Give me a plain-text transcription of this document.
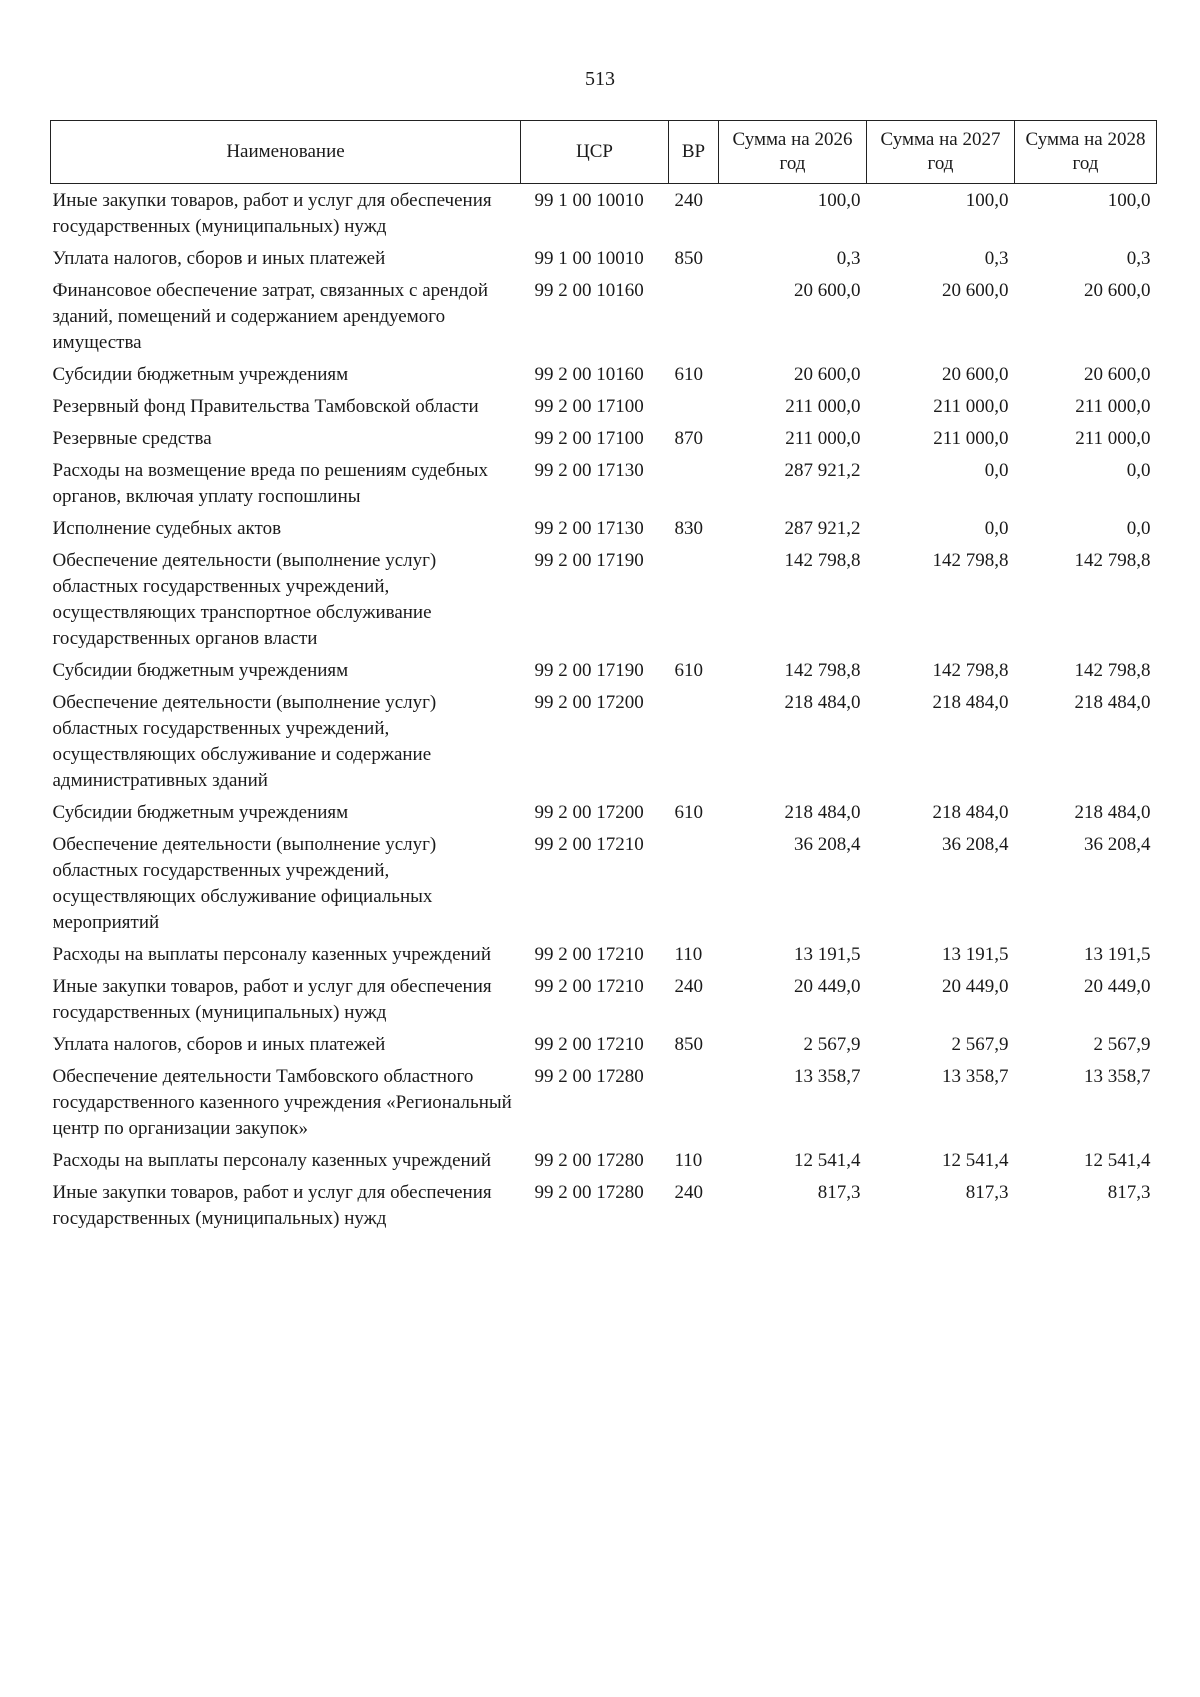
513
Наименование	ЦСР	ВР	Сумма на 2026 год	Сумма на 2027 год	Сумма на 2028 год
Иные закупки товаров, работ и услуг для обеспечения государственных (муниципальных) нужд	99 1 00 10010	240	100,0	100,0	100,0
Уплата налогов, сборов и иных платежей	99 1 00 10010	850	0,3	0,3	0,3
Финансовое обеспечение затрат, связанных с арендой зданий, помещений и содержанием арендуемого имущества	99 2 00 10160		20 600,0	20 600,0	20 600,0
Субсидии бюджетным учреждениям	99 2 00 10160	610	20 600,0	20 600,0	20 600,0
Резервный фонд Правительства Тамбовской области	99 2 00 17100		211 000,0	211 000,0	211 000,0
Резервные средства	99 2 00 17100	870	211 000,0	211 000,0	211 000,0
Расходы на возмещение вреда по решениям судебных органов, включая уплату госпошлины	99 2 00 17130		287 921,2	0,0	0,0
Исполнение судебных актов	99 2 00 17130	830	287 921,2	0,0	0,0
Обеспечение деятельности (выполнение услуг) областных государственных учреждений, осуществляющих транспортное обслуживание государственных органов власти	99 2 00 17190		142 798,8	142 798,8	142 798,8
Субсидии бюджетным учреждениям	99 2 00 17190	610	142 798,8	142 798,8	142 798,8
Обеспечение деятельности (выполнение услуг) областных государственных учреждений, осуществляющих обслуживание и содержание административных зданий	99 2 00 17200		218 484,0	218 484,0	218 484,0
Субсидии бюджетным учреждениям	99 2 00 17200	610	218 484,0	218 484,0	218 484,0
Обеспечение деятельности (выполнение услуг) областных государственных учреждений, осуществляющих обслуживание официальных мероприятий	99 2 00 17210		36 208,4	36 208,4	36 208,4
Расходы на выплаты персоналу казенных учреждений	99 2 00 17210	110	13 191,5	13 191,5	13 191,5
Иные закупки товаров, работ и услуг для обеспечения государственных (муниципальных) нужд	99 2 00 17210	240	20 449,0	20 449,0	20 449,0
Уплата налогов, сборов и иных платежей	99 2 00 17210	850	2 567,9	2 567,9	2 567,9
Обеспечение деятельности Тамбовского областного государственного казенного учреждения «Региональный центр по организации закупок»	99 2 00 17280		13 358,7	13 358,7	13 358,7
Расходы на выплаты персоналу казенных учреждений	99 2 00 17280	110	12 541,4	12 541,4	12 541,4
Иные закупки товаров, работ и услуг для обеспечения государственных (муниципальных) нужд	99 2 00 17280	240	817,3	817,3	817,3
